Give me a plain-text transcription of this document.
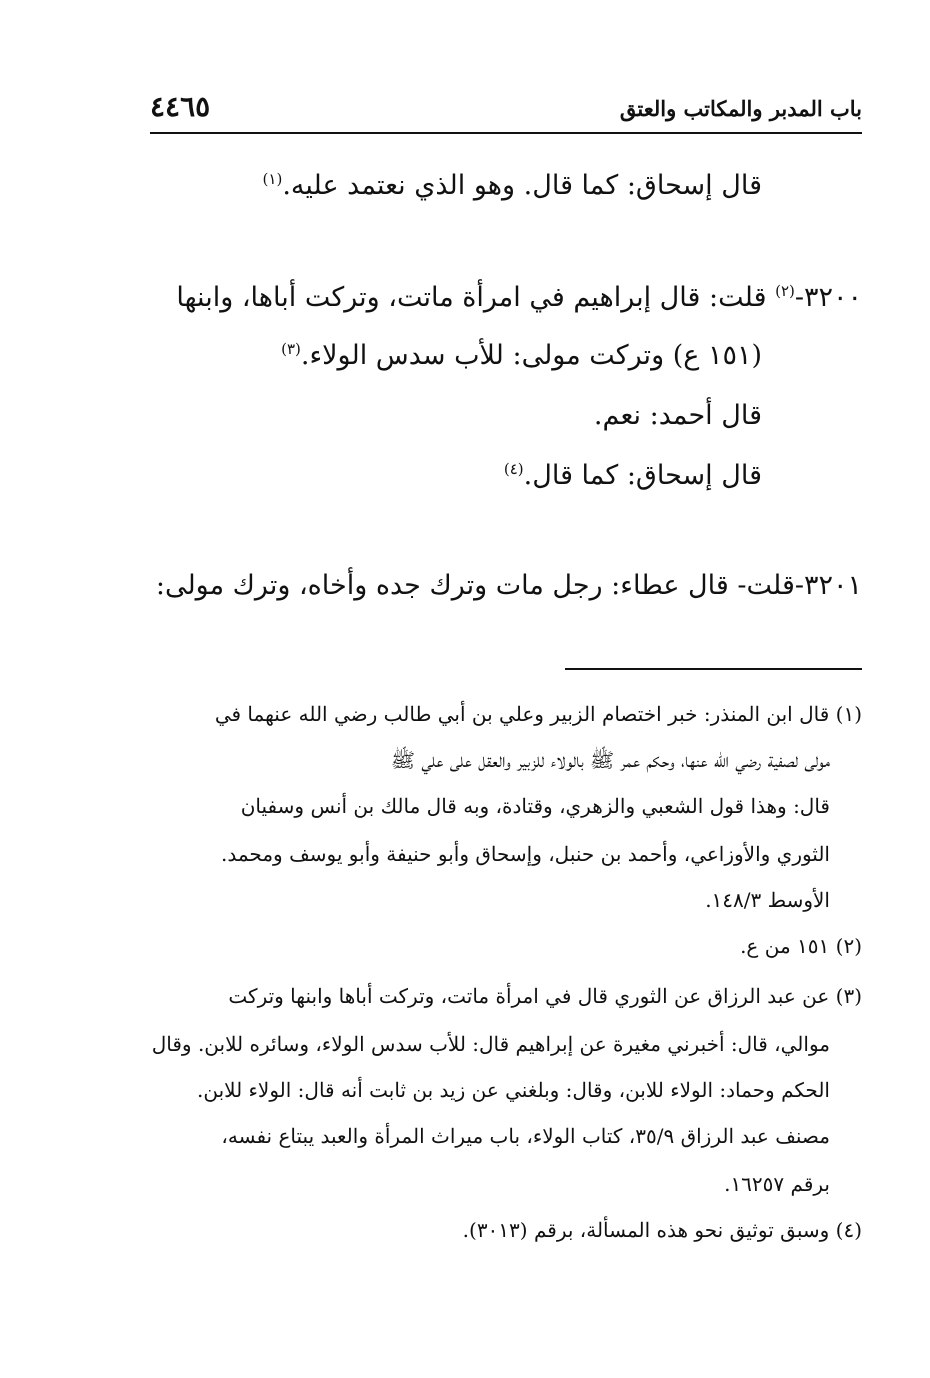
باب المدبر والمكاتب والعتق
٤٤٦٥
قال إسحاق: كما قال. وهو الذي نعتمد عليه.$^{(١)}$
٣٢٠٠-$^{(٢)}$ قلت: قال إبراهيم في امرأة ماتت، وتركت أباها، وابنها
(١٥١ ع) وتركت مولى: للأب سدس الولاء.$^{(٣)}$
قال أحمد: نعم.
قال إسحاق: كما قال.$^{(٤)}$
٣٢٠١-قلت- قال عطاء: رجل مات وترك جده وأخاه، وترك مولى:
(١) قال ابن المنذر: خبر اختصام الزبير وعلي بن أبي طالب رضي الله عنهما في
مولى لصفية رضي الله عنها، وحكم عمر ﷺ بالولاء للزبير والعقل على علي ﷺ
قال: وهذا قول الشعبي والزهري، وقتادة، وبه قال مالك بن أنس وسفيان
الثوري والأوزاعي، وأحمد بن حنبل، وإسحاق وأبو حنيفة وأبو يوسف ومحمد.
الأوسط ١٤٨/٣.
(٢) ١٥١ من ع.
(٣) عن عبد الرزاق عن الثوري قال في امرأة ماتت، وتركت أباها وابنها وتركت
موالي، قال: أخبرني مغيرة عن إبراهيم قال: للأب سدس الولاء، وسائره للابن. وقال
الحكم وحماد: الولاء للابن، وقال: وبلغني عن زيد بن ثابت أنه قال: الولاء للابن.
مصنف عبد الرزاق ٣٥/٩، كتاب الولاء، باب ميراث المرأة والعبد يبتاع نفسه،
برقم ١٦٢٥٧.
(٤) وسبق توثيق نحو هذه المسألة، برقم (٣٠١٣).
